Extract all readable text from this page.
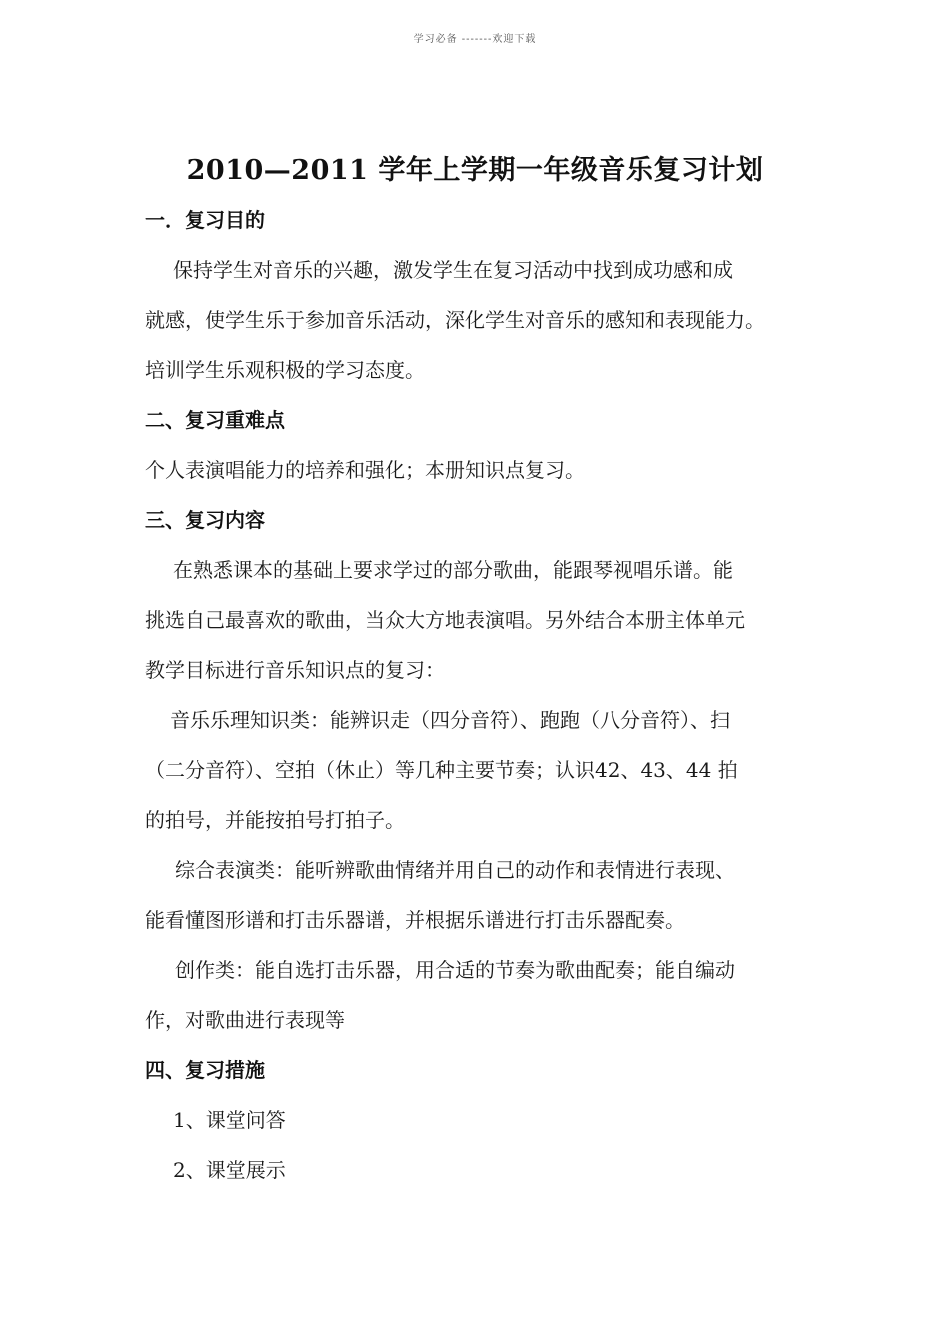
学习必备 -------欢迎下载
2010—2011 学年上学期一年级音乐复习计划
一．复习目的
保持学生对音乐的兴趣，激发学生在复习活动中找到成功感和成
就感，使学生乐于参加音乐活动，深化学生对音乐的感知和表现能力。
培训学生乐观积极的学习态度。
二、复习重难点
个人表演唱能力的培养和强化；本册知识点复习。
三、复习内容
在熟悉课本的基础上要求学过的部分歌曲，能跟琴视唱乐谱。能
挑选自己最喜欢的歌曲，当众大方地表演唱。另外结合本册主体单元
教学目标进行音乐知识点的复习：
音乐乐理知识类：能辨识走（四分音符）、跑跑（八分音符）、扫
（二分音符）、空拍（休止）等几种主要节奏；认识42、43、44 拍
的拍号，并能按拍号打拍子。
综合表演类：能听辨歌曲情绪并用自己的动作和表情进行表现、
能看懂图形谱和打击乐器谱，并根据乐谱进行打击乐器配奏。
创作类：能自选打击乐器，用合适的节奏为歌曲配奏；能自编动
作，对歌曲进行表现等
四、复习措施
1、课堂问答
2、课堂展示
